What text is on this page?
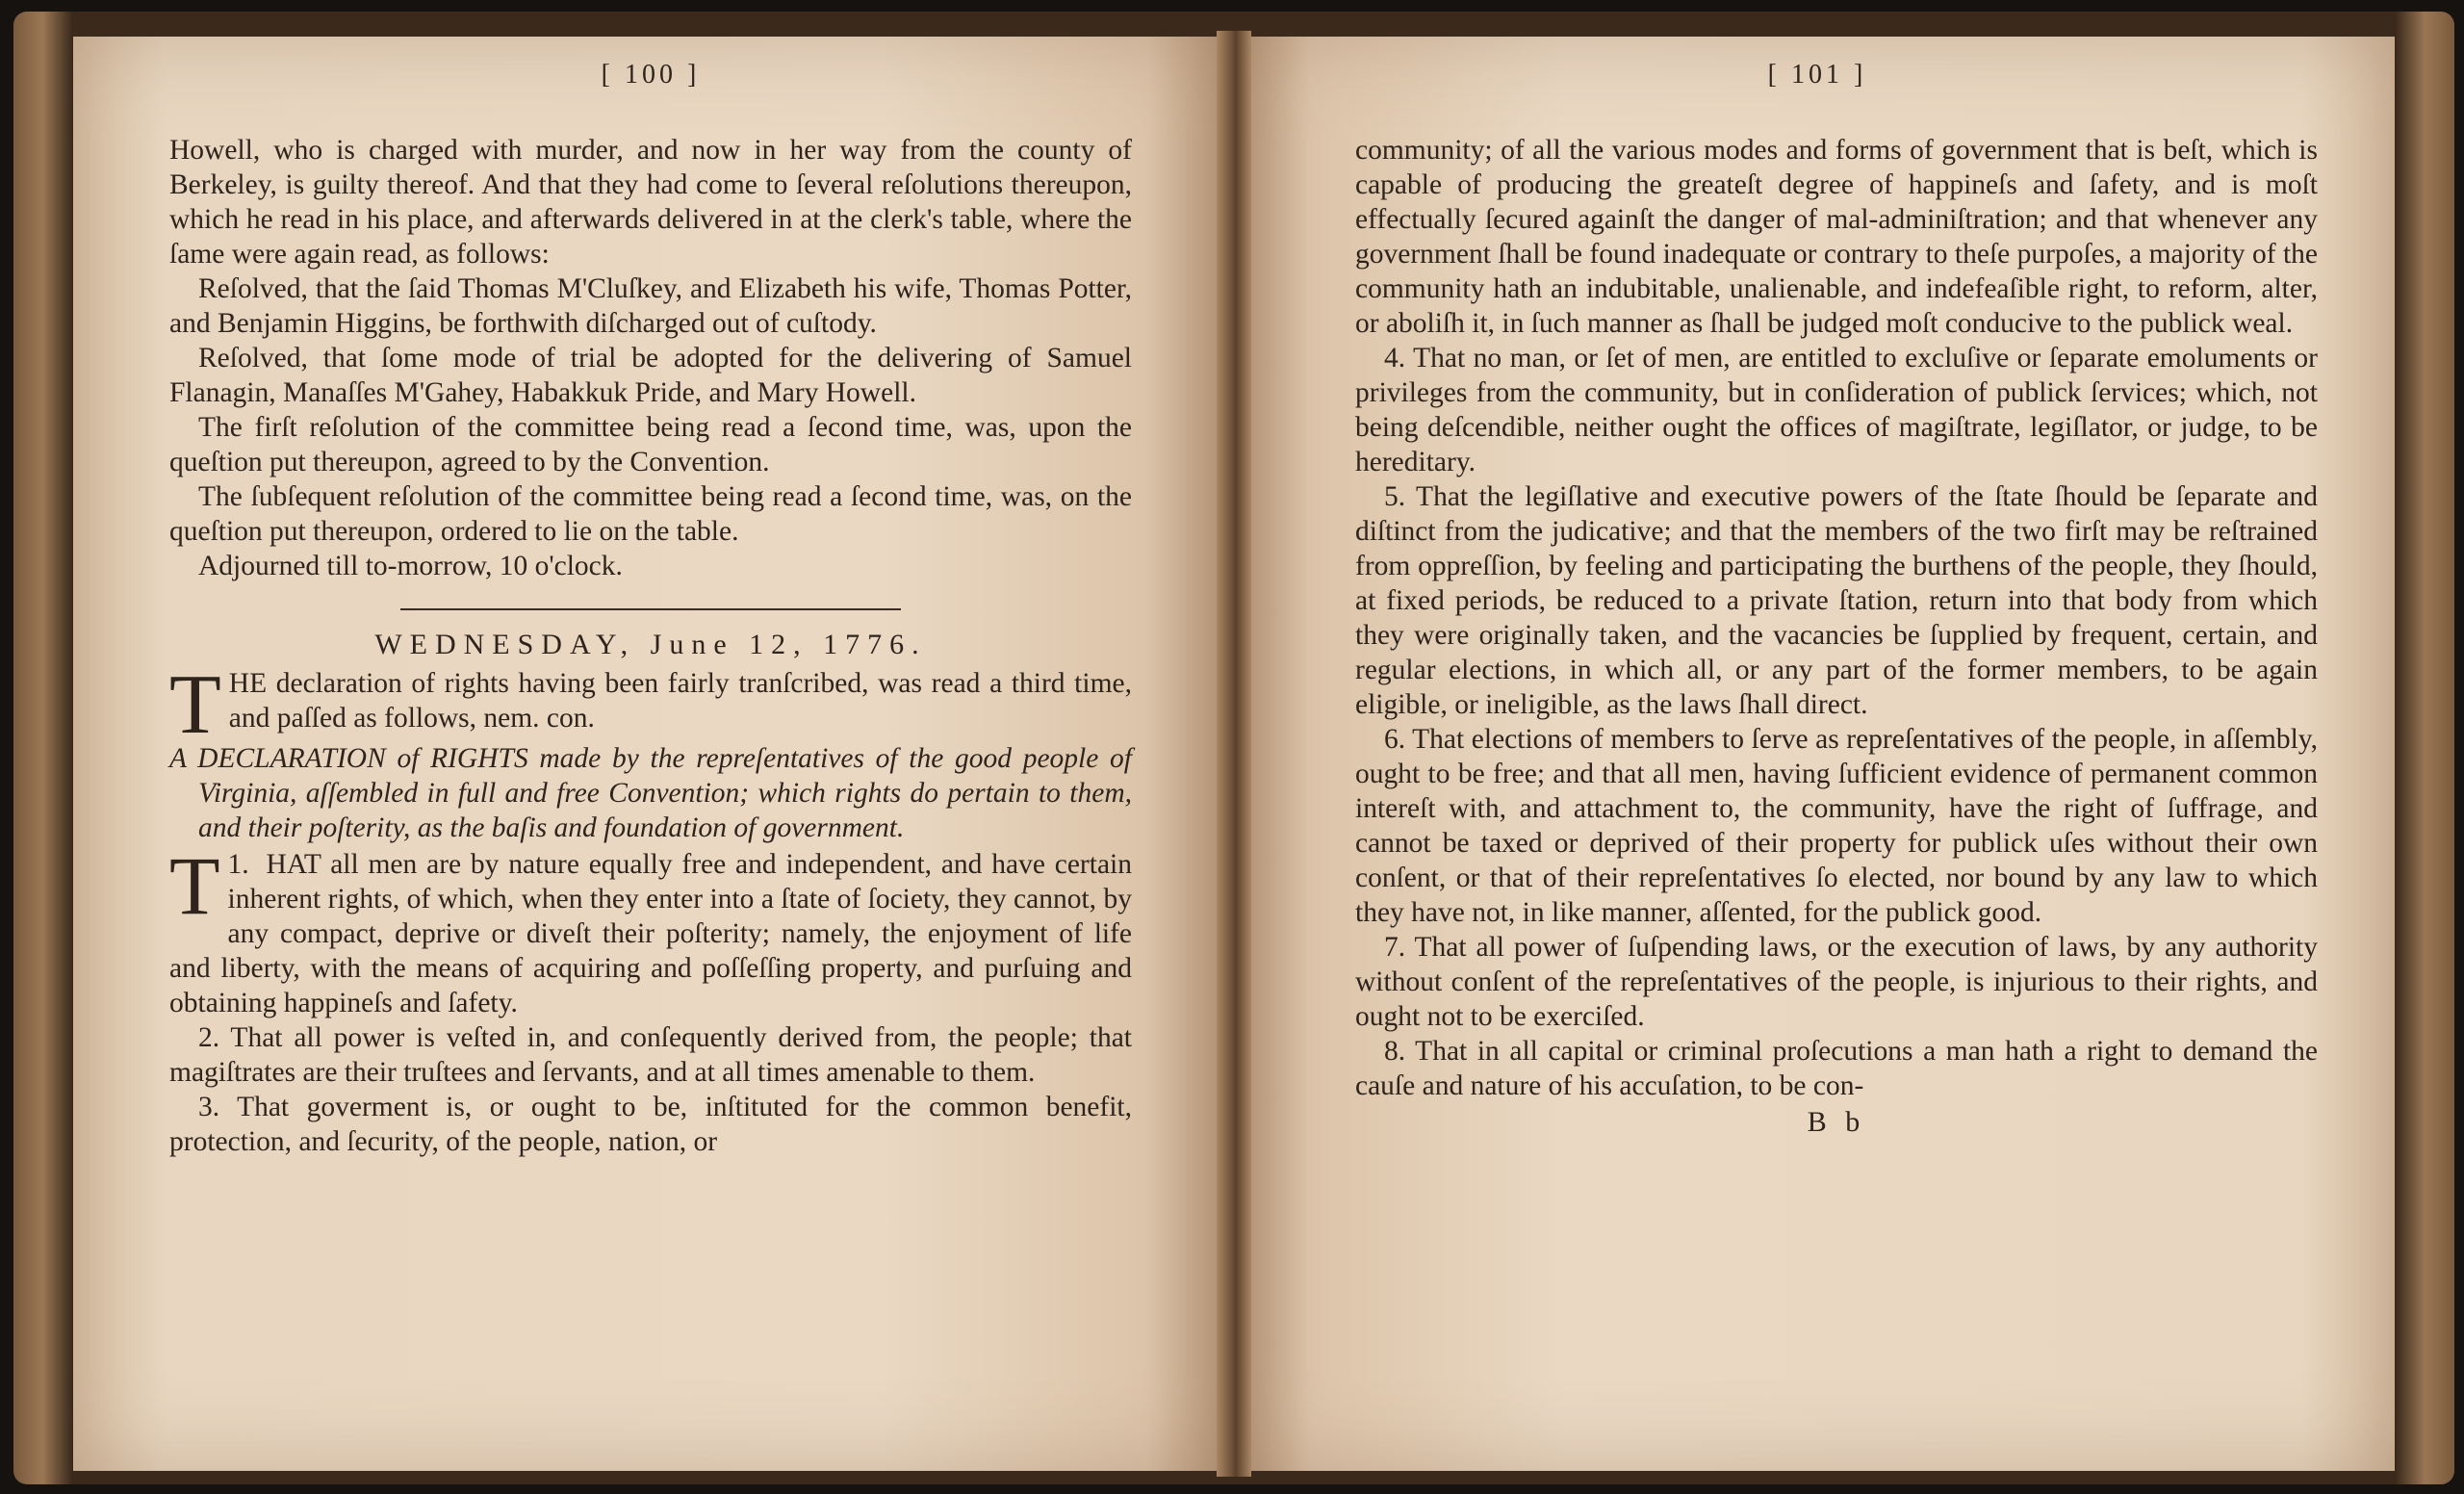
[ 100 ]

Howell, who is charged with murder, and now in her way from the county of Berkeley, is guilty thereof. And that they had come to ſeveral reſolutions thereupon, which he read in his place, and afterwards delivered in at the clerk's table, where the ſame were again read, as follows:

Reſolved, that the ſaid Thomas M'Cluſkey, and Elizabeth his wife, Thomas Potter, and Benjamin Higgins, be forthwith diſcharged out of cuſtody.

Reſolved, that ſome mode of trial be adopted for the delivering of Samuel Flanagin, Manaſſes M'Gahey, Habakkuk Pride, and Mary Howell.

The firſt reſolution of the committee being read a ſecond time, was, upon the queſtion put thereupon, agreed to by the Convention.

The ſubſequent reſolution of the committee being read a ſecond time, was, on the queſtion put thereupon, ordered to lie on the table.

Adjourned till to-morrow, 10 o'clock.

WEDNESDAY, June 12, 1776.

THE declaration of rights having been fairly tranſcribed, was read a third time, and paſſed as follows, nem. con.

A DECLARATION of RIGHTS made by the repreſentatives of the good people of Virginia, aſſembled in full and free Convention; which rights do pertain to them, and their poſterity, as the baſis and foundation of government.

1.
T HAT all men are by nature equally free and independent, and have certain inherent rights, of which, when they enter into a ſtate of ſociety, they cannot, by any compact, deprive or diveſt their poſterity; namely, the enjoyment of life and liberty, with the means of acquiring and poſſeſſing property, and purſuing and obtaining happineſs and ſafety.

2. That all power is veſted in, and conſequently derived from, the people; that magiſtrates are their truſtees and ſervants, and at all times amenable to them.

3. That goverment is, or ought to be, inſtituted for the common benefit, protection, and ſecurity, of the people, nation, or

[ 101 ]

community; of all the various modes and forms of government that is beſt, which is capable of producing the greateſt degree of happineſs and ſafety, and is moſt effectually ſecured againſt the danger of mal-adminiſtration; and that whenever any government ſhall be found inadequate or contrary to theſe purpoſes, a majority of the community hath an indubitable, unalienable, and indefeaſible right, to reform, alter, or aboliſh it, in ſuch manner as ſhall be judged moſt conducive to the publick weal.

4. That no man, or ſet of men, are entitled to excluſive or ſeparate emoluments or privileges from the community, but in conſideration of publick ſervices; which, not being deſcendible, neither ought the offices of magiſtrate, legiſlator, or judge, to be hereditary.

5. That the legiſlative and executive powers of the ſtate ſhould be ſeparate and diſtinct from the judicative; and that the members of the two firſt may be reſtrained from oppreſſion, by feeling and participating the burthens of the people, they ſhould, at fixed periods, be reduced to a private ſtation, return into that body from which they were originally taken, and the vacancies be ſupplied by frequent, certain, and regular elections, in which all, or any part of the former members, to be again eligible, or ineligible, as the laws ſhall direct.

6. That elections of members to ſerve as repreſentatives of the people, in aſſembly, ought to be free; and that all men, having ſufficient evidence of permanent common intereſt with, and attachment to, the community, have the right of ſuffrage, and cannot be taxed or deprived of their property for publick uſes without their own conſent, or that of their repreſentatives ſo elected, nor bound by any law to which they have not, in like manner, aſſented, for the publick good.

7. That all power of ſuſpending laws, or the execution of laws, by any authority without conſent of the repreſentatives of the people, is injurious to their rights, and ought not to be exerciſed.

8. That in all capital or criminal proſecutions a man hath a right to demand the cauſe and nature of his accuſation, to be con-

B b
